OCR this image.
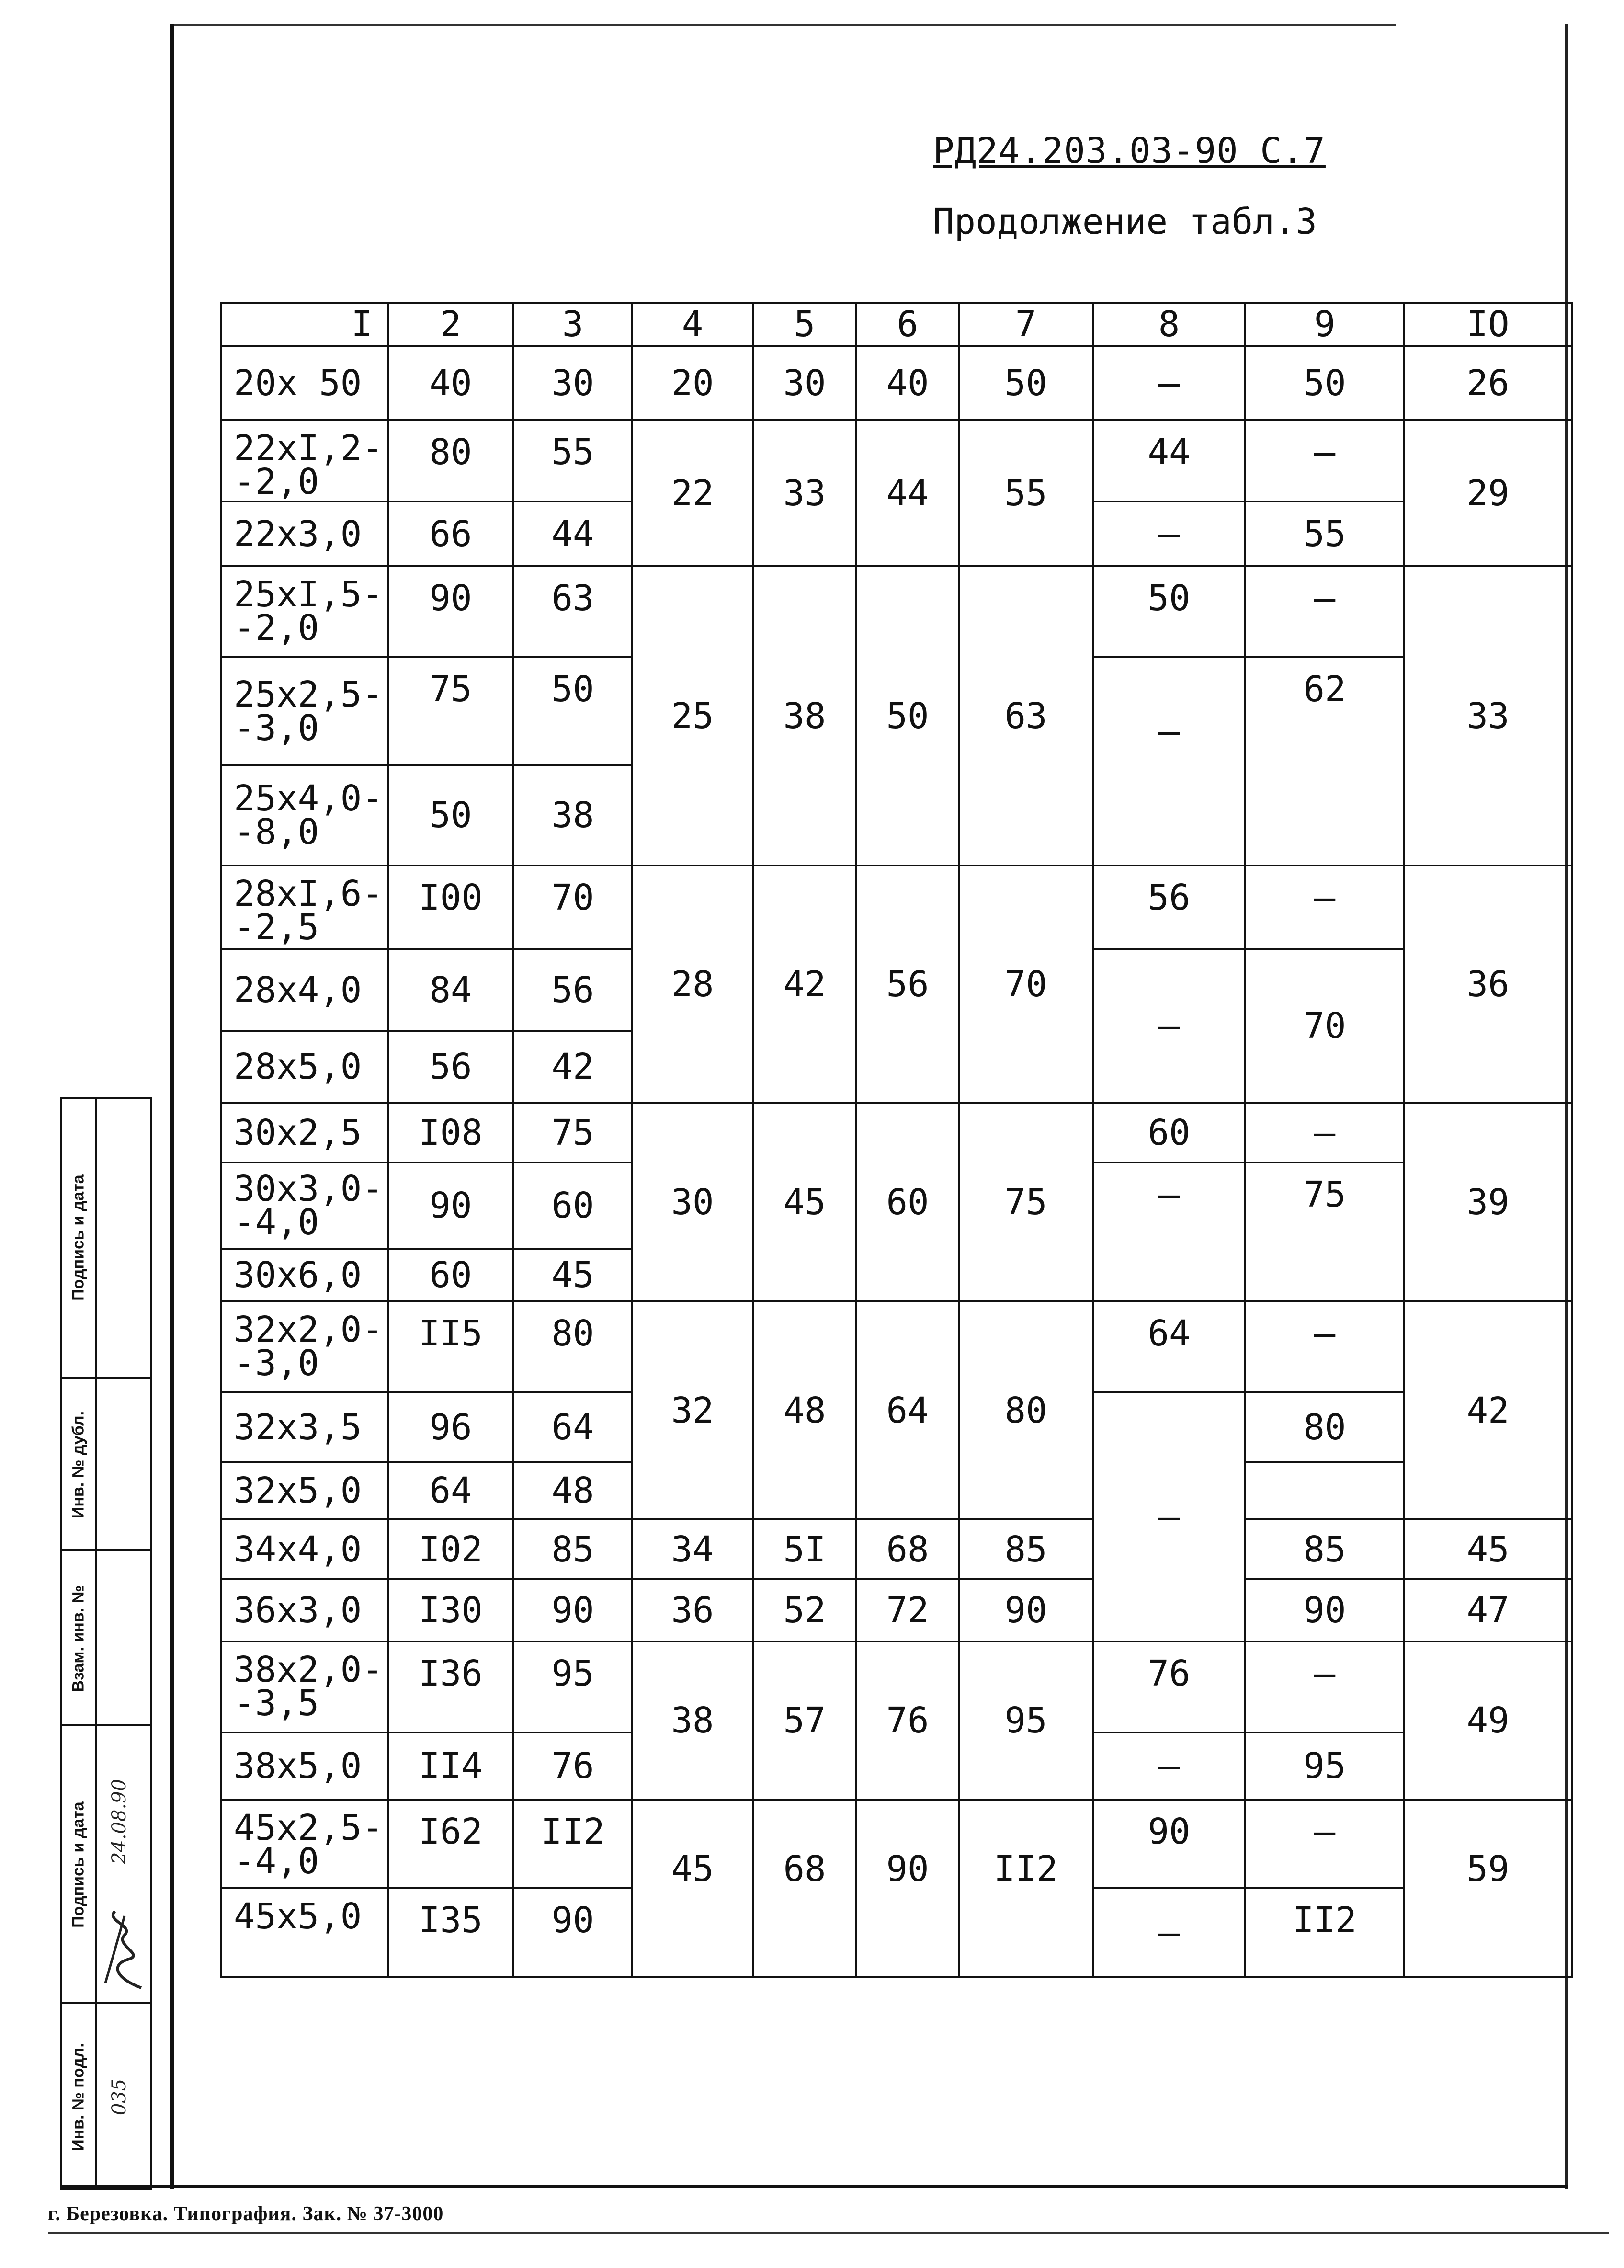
РД24.203.03-90 С.7
Продолжение табл.3
I	2	3	4	5	6	7	8	9	IO

20x 50	40	30	20	30	40	50	–	50	26

22xI,2-
-2,0	80	55	22	33	44	55	44	–	29

22x3,0	66	44					–	55	

25xI,5-
-2,0	90	63	25	38	50	63	50	–	33

25x2,5-
-3,0	75	50					–	62	

25x4,0-
-8,0	50	38							

28xI,6-
-2,5	I00	70	28	42	56	70	56	–	36

28x4,0	84	56					–	70	

28x5,0	56	42							

30x2,5	I08	75	30	45	60	75	60	–	39

30x3,0-
-4,0	90	60					–	75	

30x6,0	60	45							

32x2,0-
-3,0	II5	80	32	48	64	80	64	–	42

32x3,5	96	64					–	80	

32x5,0	64	48							

34x4,0	I02	85	34	5I	68	85		85	45

36x3,0	I30	90	36	52	72	90		90	47

38x2,0-
-3,5	I36	95	38	57	76	95	76	–	49

38x5,0	II4	76					–	95	

45x2,5-
-4,0	I62	II2	45	68	90	II2	90	–	59

45x5,0	I35	90					–	II2	
Подпись и дата
Инв. № дубл.
Взам. инв. №
Подпись и дата 24.08.90
Инв. № подл. 035
г. Березовка. Типография. Зак. № 37-3000
